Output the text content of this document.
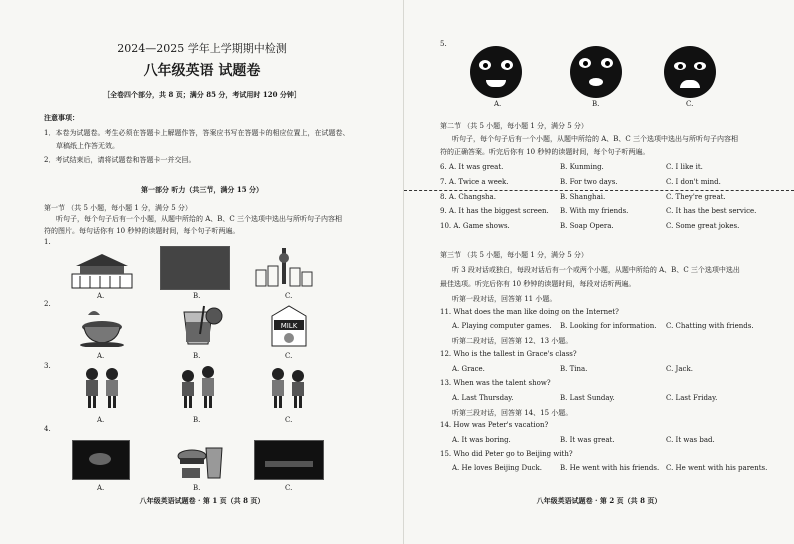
2024—2025 学年上学期期中检测
八年级英语 试题卷
［全卷四个部分，共 8 页；满分 85 分，考试用时 120 分钟］
注意事项：
1．本卷为试题卷。考生必须在答题卡上解题作答，答案应书写在答题卡的相应位置上，在试题卷、
草稿纸上作答无效。
2．考试结束后，请将试题卷和答题卡一并交回。
第一部分 听力（共三节，满分 15 分）
第一节 （共 5 小题，每小题 1 分，满分 5 分）
听句子，每个句子后有一个小题，从题中所给的 A、B、C 三个选项中选出与所听句子内容相
符的图片。每句话你有 10 秒钟的读题时间，每个句子听两遍。
1.
A.	B.	C.
2.
MILK
A.	B.	C.
3.
A.	B.	C.
4.
A.	B.	C.
八年级英语试题卷 · 第 1 页（共 8 页）
5.
A.	B.	C.
第二节 （共 5 小题，每小题 1 分，满分 5 分）
听句子，每个句子后有一个小题，从题中所给的 A、B、C 三个选项中选出与所听句子内容相
符的正确答案。听完后你有 10 秒钟的读题时间，每个句子听两遍。
6. A. It was great.	B. Kunming.	C. I like it.
7. A. Twice a week.	B. For two days.	C. I don't mind.
8. A. Changsha.	B. Shanghai.	C. They're great.
9. A. It has the biggest screen. B. With my friends.	C. It has the best service.
10. A. Game shows.	B. Soap Opera.	C. Some great jokes.
第三节 （共 5 小题，每小题 1 分，满分 5 分）
听 3 段对话或独白，每段对话后有一个或两个小题，从题中所给的 A、B、C 三个选项中选出
最佳选项。听完后你有 10 秒钟的读题时间，每段对话听两遍。
听第一段对话，回答第 11 小题。
11. What does the man like doing on the Internet?
A. Playing computer games. B. Looking for information. C. Chatting with friends.
听第二段对话，回答第 12、13 小题。
12. Who is the tallest in Grace's class?
A. Grace.	B. Tina.	C. Jack.
13. When was the talent show?
A. Last Thursday.	B. Last Sunday.	C. Last Friday.
听第三段对话，回答第 14、15 小题。
14. How was Peter's vacation?
A. It was boring.	B. It was great.	C. It was bad.
15. Who did Peter go to Beijing with?
A. He loves Beijing Duck.	B. He went with his friends. C. He went with his parents.
八年级英语试题卷 · 第 2 页（共 8 页）
